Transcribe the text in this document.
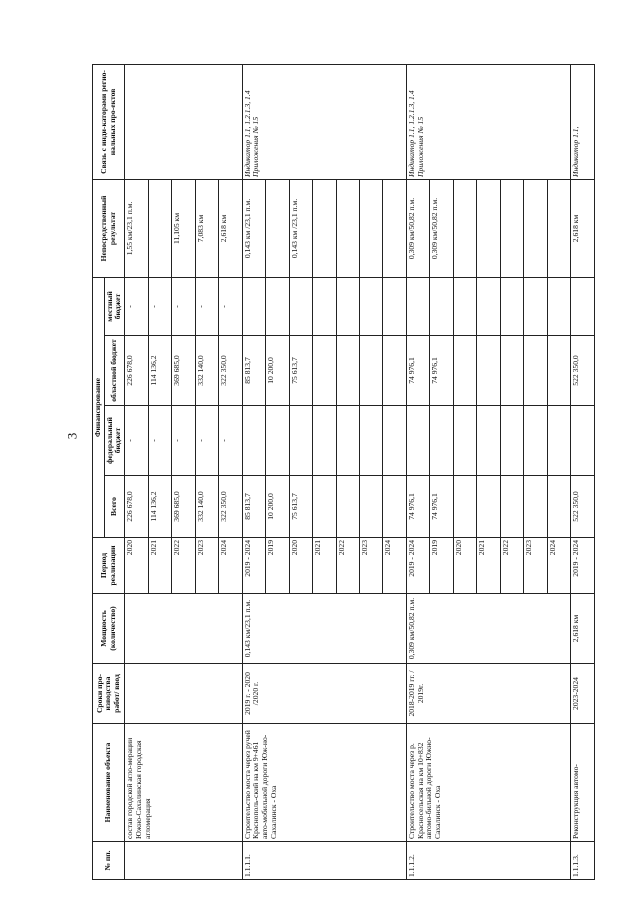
3
№ пп.	Наименование объекта	Сроки про-изводства работ/ ввод	Мощность (количество)	Период реализации	Финансирование				Непосредственный результат	Связь с инди-каторами регио-нальных про-ектов
					Всего	федеральный бюджет	областной бюджет	местный бюджет		
	состав городской агло-мерации Южно-Сахалинская городская агломерация			2020	226 678,0	-	226 678,0	-	1,55 км/23,1 п.м.	
				2021	114 136,2	-	114 136,2	-		
				2022	369 685,0	-	369 685,0	-	11,105 км	
				2023	332 140,0	-	332 140,0	-	7,083 км	
				2024	322 350,0	-	322 350,0	-	2,618 км	
1.1.1.1.	Строительство моста через ручей Краснополь-ский на км 9+461 авто-мобильной дороги Юж-но-Сахалинск - Оха	2019 г. - 2020 /2020 г.	0,143 км/23,1 п.м.	2019 - 2024	85 813,7		85 813,7		0,143 км /23,1 п.м.	Индикатор 1.1, 1.2.1.3, 1.4 Приложения № 15
				2019	10 200,0		10 200,0			
				2020	75 613,7		75 613,7		0,143 км /23,1 п.м.	
				2021						
				2022						
				2023						
				2024						
1.1.1.2.	Строительство моста через р. Красносельская на км 10+832 автомо-бильной дороги Южно-Сахалинск - Оха	2018-2019 гг. / 2019г.	0,309 км/50,82 п.м.	2019 - 2024	74 976,1		74 976,1		0,309 км/50,82 п.м.	Индикатор 1.1, 1.2.1.3, 1.4 Приложения № 15
				2019	74 976,1		74 976,1		0,309 км/50,82 п.м.	
				2020						
				2021						
				2022						
				2023						
				2024						
1.1.1.3.	Реконструкция автомо-	2023-2024	2,618 км	2019 - 2024	522 350,0		522 350,0		2,618 км	Индикатор 1.1,
